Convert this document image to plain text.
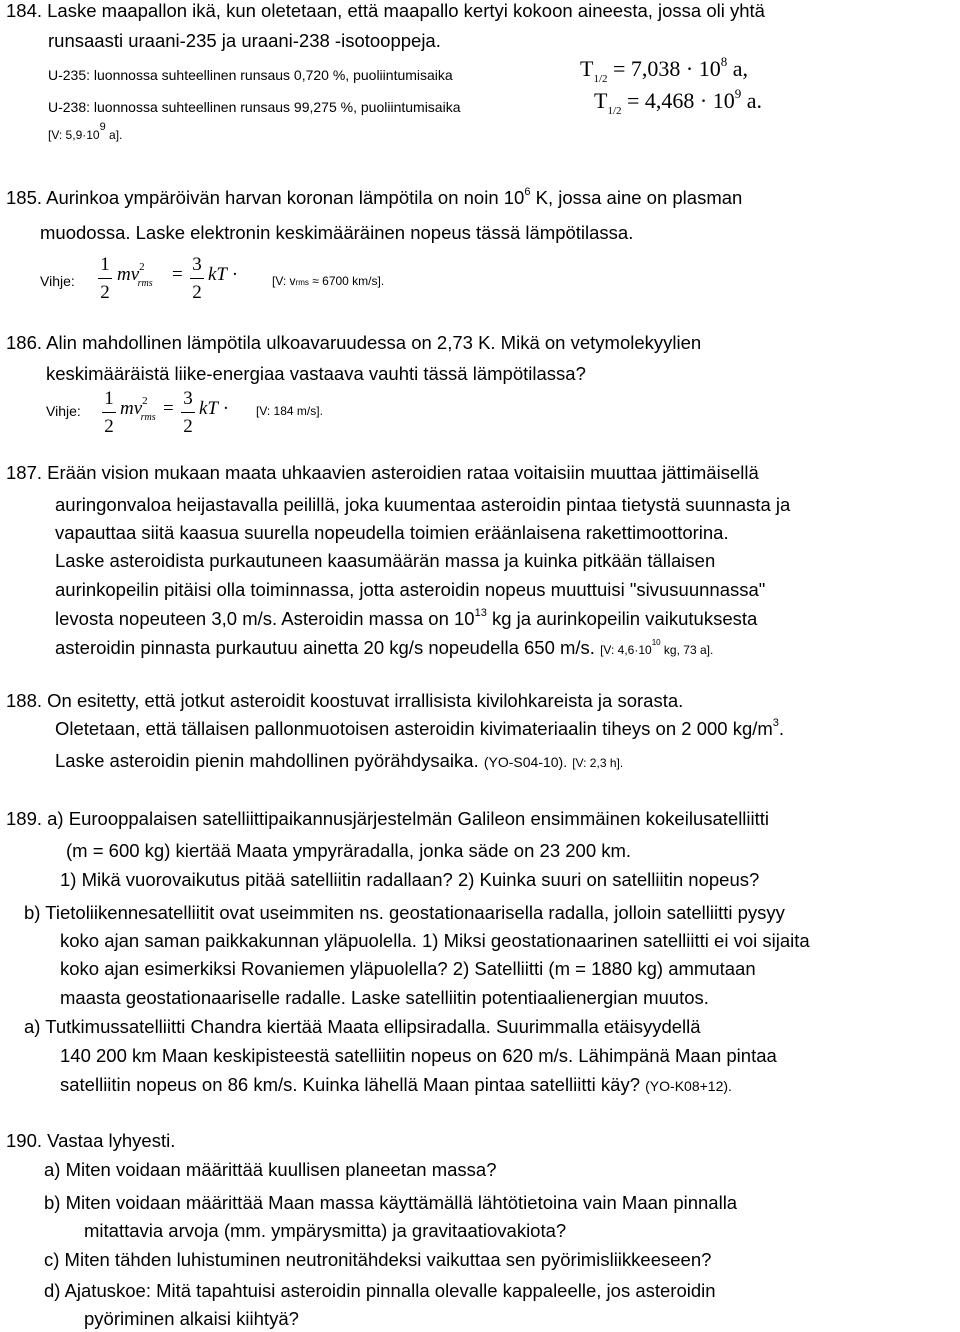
184. Laske maapallon ikä, kun oletetaan, että maapallo kertyi kokoon aineesta, jossa oli yhtä
runsaasti uraani-235 ja uraani-238 -isotooppeja.
U-235: luonnossa suhteellinen runsaus 0,720 %, puoliintumisaika	$T_{1/2} = 7,038 \cdot 10^8$ a,
U-238: luonnossa suhteellinen runsaus 99,275 %, puoliintumisaika	$T_{1/2} = 4,468 \cdot 10^9$ a.
[V: $5,9\cdot 10^9$ a].
185. Aurinkoa ympäröivän harvan koronan lämpötila on noin $10^6$ K, jossa aine on plasman
muodossa. Laske elektronin keskimääräinen nopeus tässä lämpötilassa.
Vihje:
1
2
$mv^2_{rms} = 3$
2
kT ·	[V: vrms ≈ 6700 km/s].
186. Alin mahdollinen lämpötila ulkoavaruudessa on 2,73 K. Mikä on vetymolekyylien
keskimääräistä liike-energiaa vastaava vauhti tässä lämpötilassa?
Vihje:
1
2
$mv^2_{rms} = 3$
2
kT · [V: 184 m/s].
187. Erään vision mukaan maata uhkaavien asteroidien rataa voitaisiin muuttaa jättimäisellä
auringonvaloa heijastavalla peilillä, joka kuumentaa asteroidin pintaa tietystä suunnasta ja
vapauttaa siitä kaasua suurella nopeudella toimien eräänlaisena rakettimoottorina.
Laske asteroidista purkautuneen kaasumäärän massa ja kuinka pitkään tällaisen
aurinkopeilin pitäisi olla toiminnassa, jotta asteroidin nopeus muuttuisi "sivusuunnassa"
levosta nopeuteen 3,0 m/s. Asteroidin massa on $10^{13}$ kg ja aurinkopeilin vaikutuksesta
asteroidin pinnasta purkautuu ainetta 20 kg/s nopeudella 650 m/s. [V: $4,6\cdot 10^{10}$ kg, 73 a].
188. On esitetty, että jotkut asteroidit koostuvat irrallisista kivilohkareista ja sorasta.
Oletetaan, että tällaisen pallonmuotoisen asteroidin kivimateriaalin tiheys on 2 000 $kg/m^3$.
Laske asteroidin pienin mahdollinen pyörähdysaika. (YO-S04-10). [V: 2,3 h].
189. a) Eurooppalaisen satelliittipaikannusjärjestelmän Galileon ensimmäinen kokeilusatelliitti
(m = 600 kg) kiertää Maata ympyräradalla, jonka säde on 23 200 km.
1) Mikä vuorovaikutus pitää satelliitin radallaan? 2) Kuinka suuri on satelliitin nopeus?
b) Tietoliikennesatelliitit ovat useimmiten ns. geostationaarisella radalla, jolloin satelliitti pysyy
koko ajan saman paikkakunnan yläpuolella. 1) Miksi geostationaarinen satelliitti ei voi sijaita
koko ajan esimerkiksi Rovaniemen yläpuolella? 2) Satelliitti (m = 1880 kg) ammutaan
maasta geostationaariselle radalle. Laske satelliitin potentiaalienergian muutos.
a) Tutkimussatelliitti Chandra kiertää Maata ellipsiradalla. Suurimmalla etäisyydellä
140 200 km Maan keskipisteestä satelliitin nopeus on 620 m/s. Lähimpänä Maan pintaa
satelliitin nopeus on 86 km/s. Kuinka lähellä Maan pintaa satelliitti käy? (YO-K08+12).
190. Vastaa lyhyesti.
a) Miten voidaan määrittää kuullisen planeetan massa?
b) Miten voidaan määrittää Maan massa käyttämällä lähtötietoina vain Maan pinnalla
mitattavia arvoja (mm. ympärysmitta) ja gravitaatiovakiota?
c) Miten tähden luhistuminen neutronitähdeksi vaikuttaa sen pyörimisliikkeeseen?
d) Ajatuskoe: Mitä tapahtuisi asteroidin pinnalla olevalle kappaleelle, jos asteroidin
pyöriminen alkaisi kiihtyä?
